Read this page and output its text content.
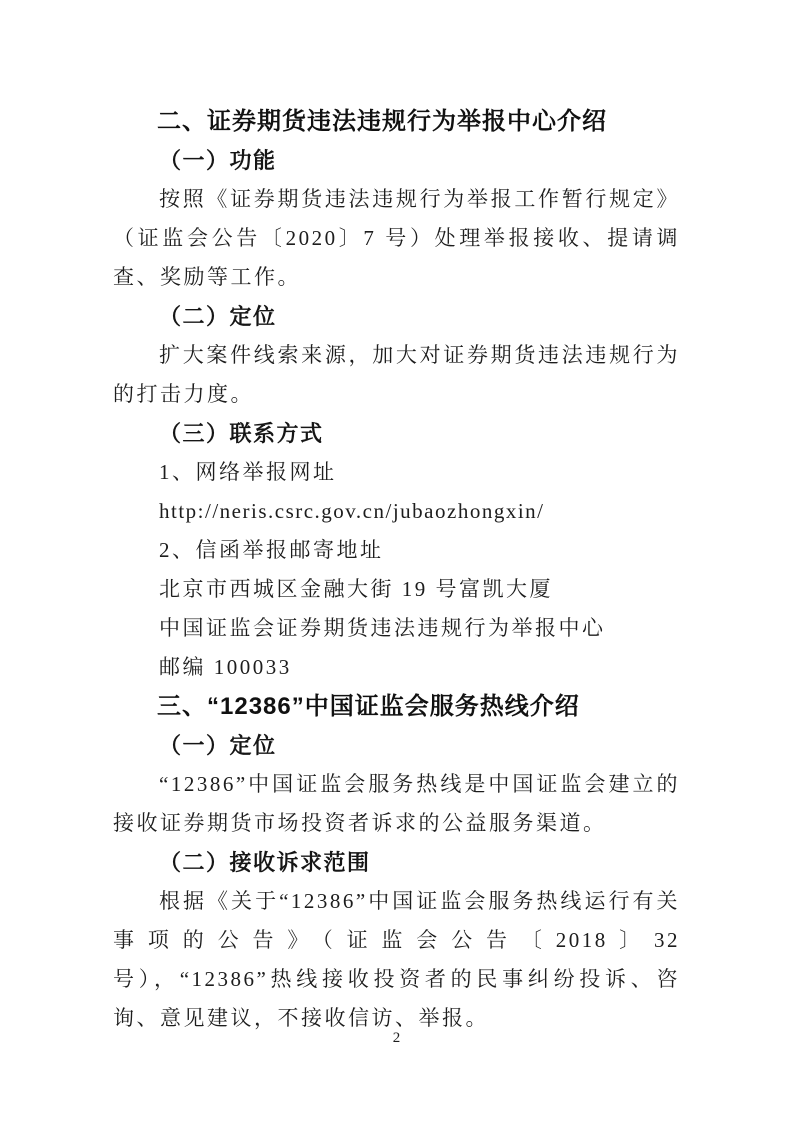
二、证券期货违法违规行为举报中心介绍
（一）功能

按照《证券期货违法违规行为举报工作暂行规定》（证监会公告〔2020〕7 号）处理举报接收、提请调查、奖励等工作。

（二）定位

扩大案件线索来源，加大对证券期货违法违规行为的打击力度。

（三）联系方式

1、网络举报网址

http://neris.csrc.gov.cn/jubaozhongxin/

2、信函举报邮寄地址

北京市西城区金融大街 19 号富凯大厦

中国证监会证券期货违法违规行为举报中心

邮编 100033

三、“12386”中国证监会服务热线介绍
（一）定位

“12386”中国证监会服务热线是中国证监会建立的接收证券期货市场投资者诉求的公益服务渠道。

（二）接收诉求范围

根据《关于“12386”中国证监会服务热线运行有关事项的公告》（证监会公告〔2018〕32 号），“12386”热线接收投资者的民事纠纷投诉、咨询、意见建议，不接收信访、举报。

2
